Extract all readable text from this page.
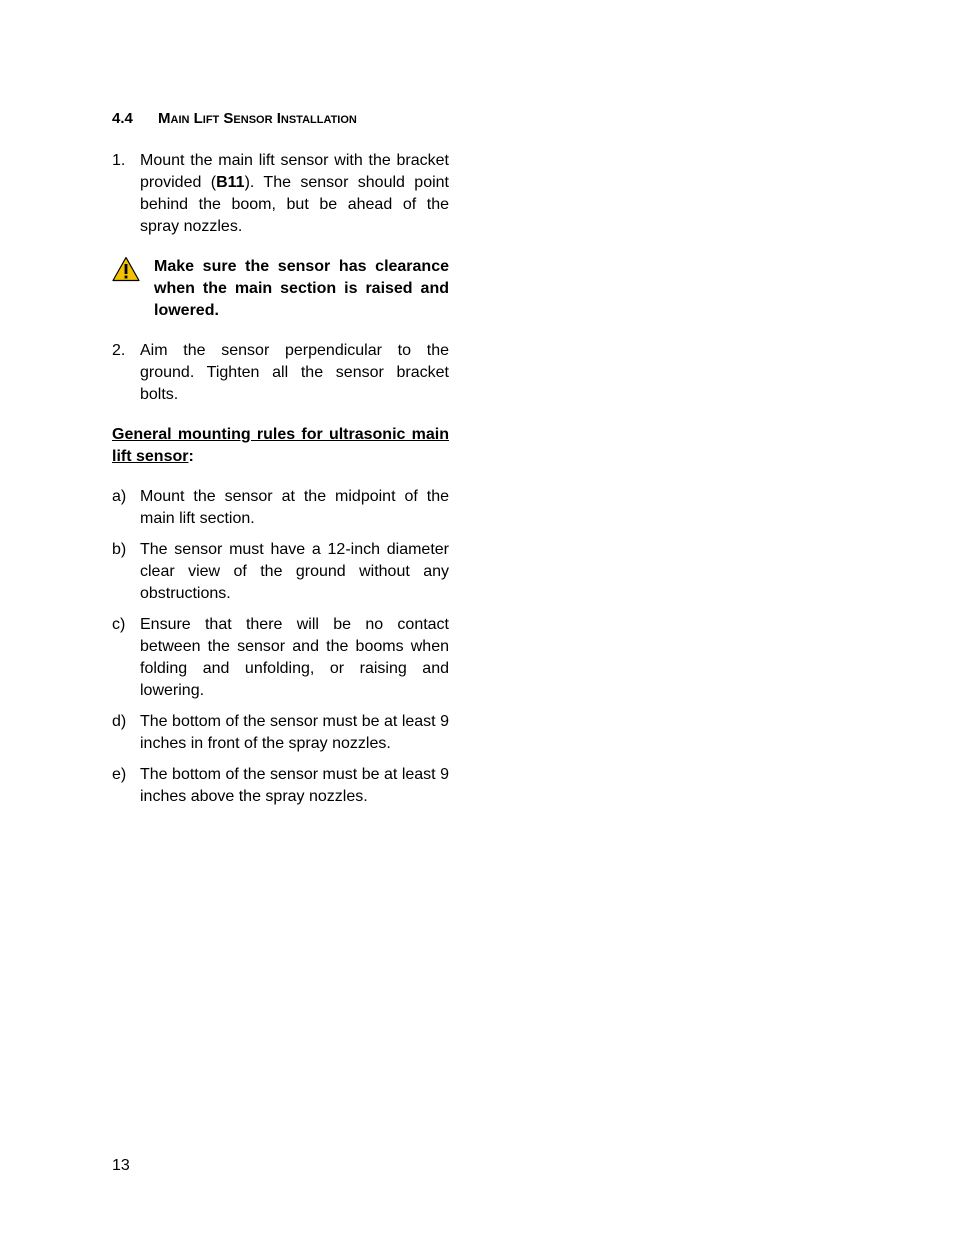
4.4 Main Lift Sensor Installation
1. Mount the main lift sensor with the bracket provided (B11). The sensor should point behind the boom, but be ahead of the spray nozzles.
Make sure the sensor has clearance when the main section is raised and lowered.
2. Aim the sensor perpendicular to the ground. Tighten all the sensor bracket bolts.
General mounting rules for ultrasonic main lift sensor:
a) Mount the sensor at the midpoint of the main lift section.
b) The sensor must have a 12-inch diameter clear view of the ground without any obstructions.
c) Ensure that there will be no contact between the sensor and the booms when folding and unfolding, or raising and lowering.
d) The bottom of the sensor must be at least 9 inches in front of the spray nozzles.
e) The bottom of the sensor must be at least 9 inches above the spray nozzles.
13
